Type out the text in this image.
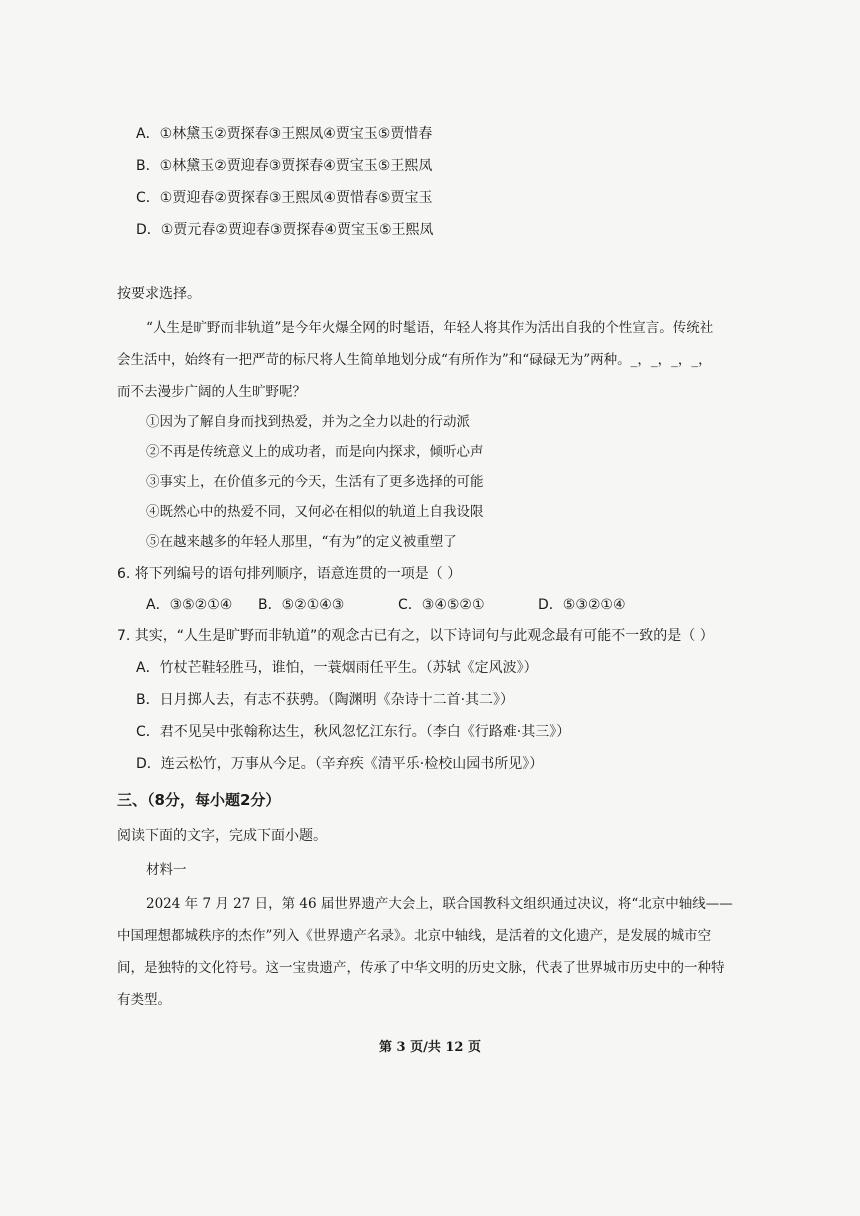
A．①林黛玉②贾探春③王熙凤④贾宝玉⑤贾惜春
B．①林黛玉②贾迎春③贾探春④贾宝玉⑤王熙凤
C．①贾迎春②贾探春③王熙凤④贾惜春⑤贾宝玉
D．①贾元春②贾迎春③贾探春④贾宝玉⑤王熙凤
按要求选择。
“人生是旷野而非轨道”是今年火爆全网的时髦语，年轻人将其作为活出自我的个性宣言。传统社
会生活中，始终有一把严苛的标尺将人生简单地划分成“有所作为”和“碌碌无为”两种。_，_，_，_，
而不去漫步广阔的人生旷野呢？
①因为了解自身而找到热爱，并为之全力以赴的行动派
②不再是传统意义上的成功者，而是向内探求，倾听心声
③事实上，在价值多元的今天，生活有了更多选择的可能
④既然心中的热爱不同，又何必在相似的轨道上自我设限
⑤在越来越多的年轻人那里，“有为”的定义被重塑了
6. 将下列编号的语句排列顺序，语意连贯的一项是（ ）
A．③⑤②①④ B．⑤②①④③	C．③④⑤②①	D．⑤③②①④
7. 其实，“人生是旷野而非轨道”的观念古已有之，以下诗词句与此观念最有可能不一致的是（ ）
A．竹杖芒鞋轻胜马，谁怕，一蓑烟雨任平生。（苏轼《定风波》）
B．日月掷人去，有志不获骋。（陶渊明《杂诗十二首·其二》）
C．君不见吴中张翰称达生，秋风忽忆江东行。（李白《行路难·其三》）
D．连云松竹，万事从今足。（辛弃疾《清平乐·检校山园书所见》）
三、（8分，每小题2分）
阅读下面的文字，完成下面小题。
材料一
2024 年 7 月 27 日，第 46 届世界遗产大会上，联合国教科文组织通过决议，将“北京中轴线——
中国理想都城秩序的杰作”列入《世界遗产名录》。北京中轴线，是活着的文化遗产，是发展的城市空
间，是独特的文化符号。这一宝贵遗产，传承了中华文明的历史文脉，代表了世界城市历史中的一种特
有类型。
第 3 页/共 12 页
